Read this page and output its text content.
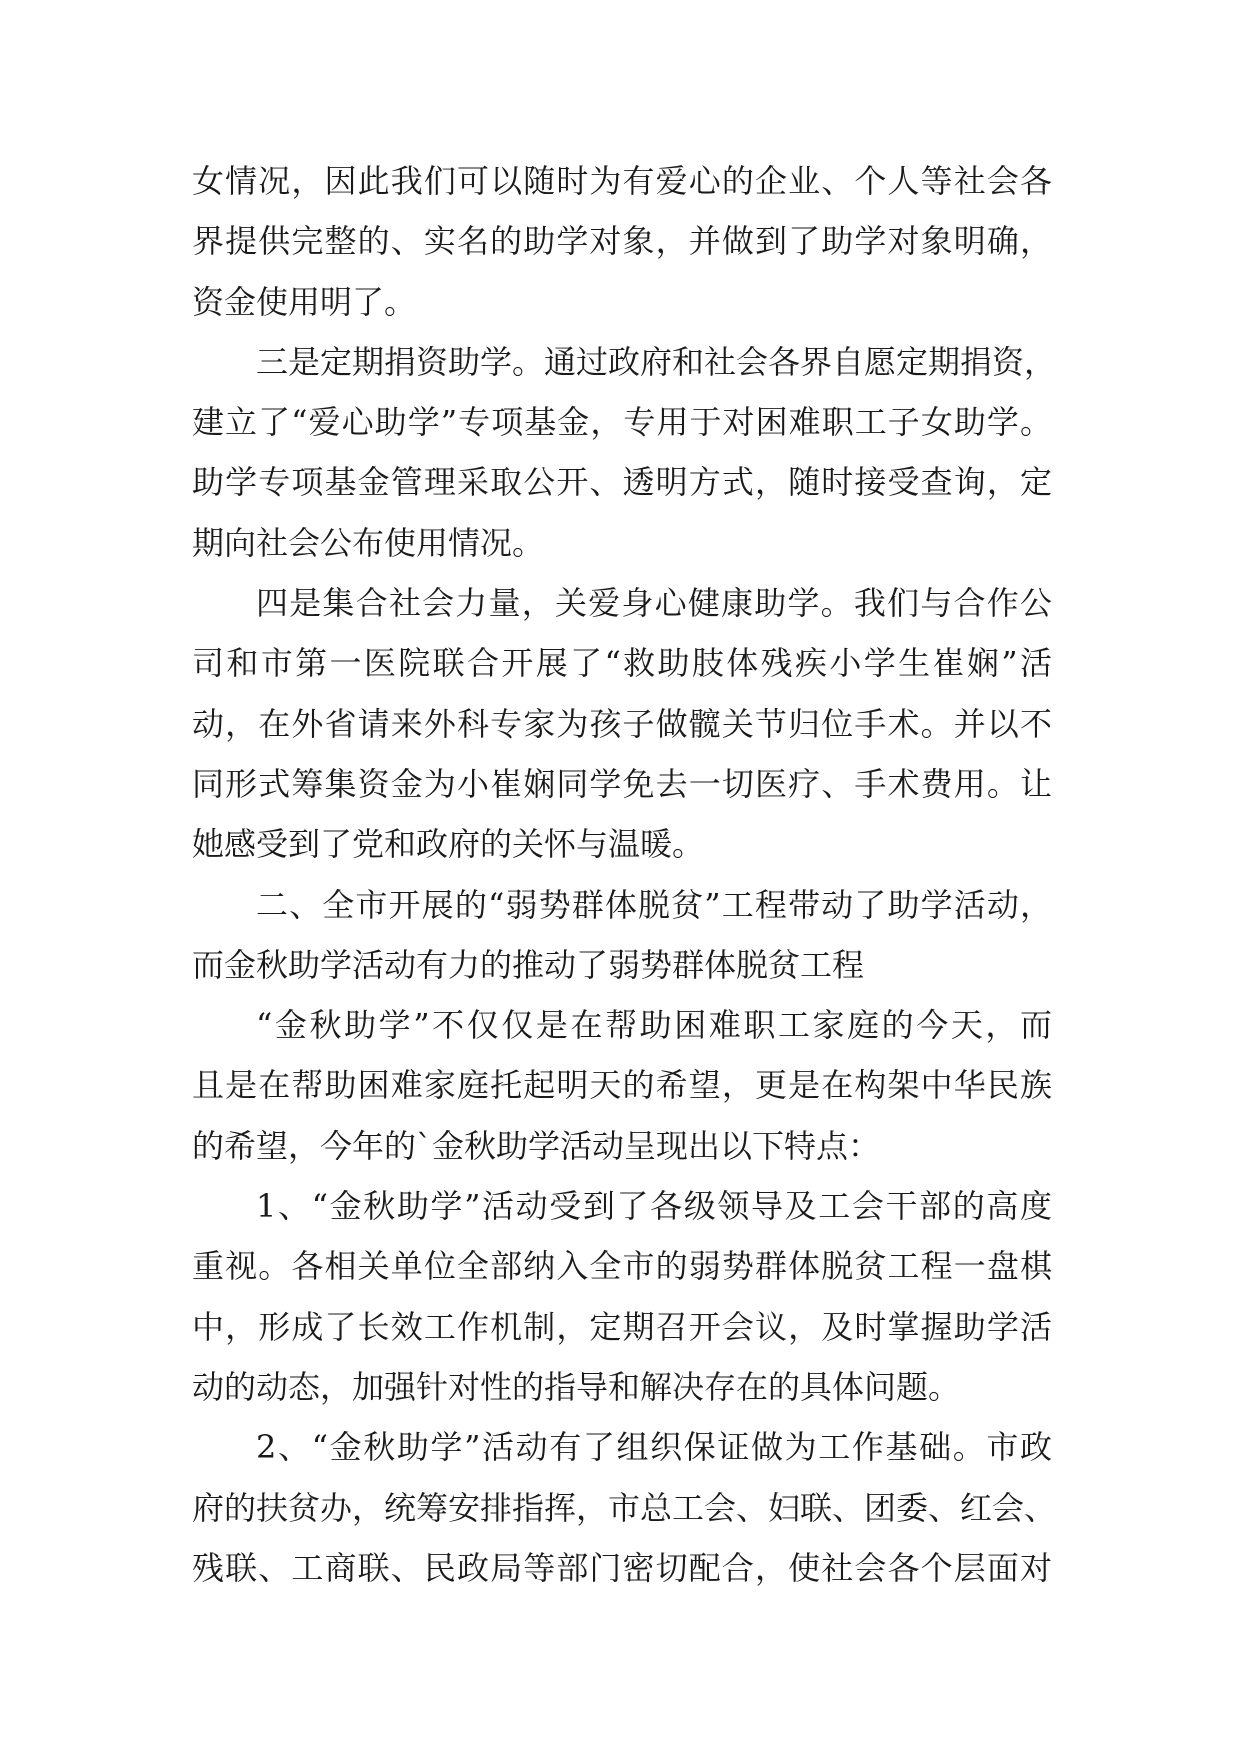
女情况，因此我们可以随时为有爱心的企业、个人等社会各
界提供完整的、实名的助学对象，并做到了助学对象明确，
资金使用明了。
三是定期捐资助学。通过政府和社会各界自愿定期捐资，
建立了“爱心助学”专项基金，专用于对困难职工子女助学。
助学专项基金管理采取公开、透明方式，随时接受查询，定
期向社会公布使用情况。
四是集合社会力量，关爱身心健康助学。我们与合作公
司和市第一医院联合开展了“救助肢体残疾小学生崔娴”活
动，在外省请来外科专家为孩子做髋关节归位手术。并以不
同形式筹集资金为小崔娴同学免去一切医疗、手术费用。让
她感受到了党和政府的关怀与温暖。
二、全市开展的“弱势群体脱贫”工程带动了助学活动，
而金秋助学活动有力的推动了弱势群体脱贫工程
“金秋助学”不仅仅是在帮助困难职工家庭的今天，而
且是在帮助困难家庭托起明天的希望，更是在构架中华民族
的希望，今年的`金秋助学活动呈现出以下特点：
1、“金秋助学”活动受到了各级领导及工会干部的高度
重视。各相关单位全部纳入全市的弱势群体脱贫工程一盘棋
中，形成了长效工作机制，定期召开会议，及时掌握助学活
动的动态，加强针对性的指导和解决存在的具体问题。
2、“金秋助学”活动有了组织保证做为工作基础。市政
府的扶贫办，统筹安排指挥，市总工会、妇联、团委、红会、
残联、工商联、民政局等部门密切配合，使社会各个层面对
